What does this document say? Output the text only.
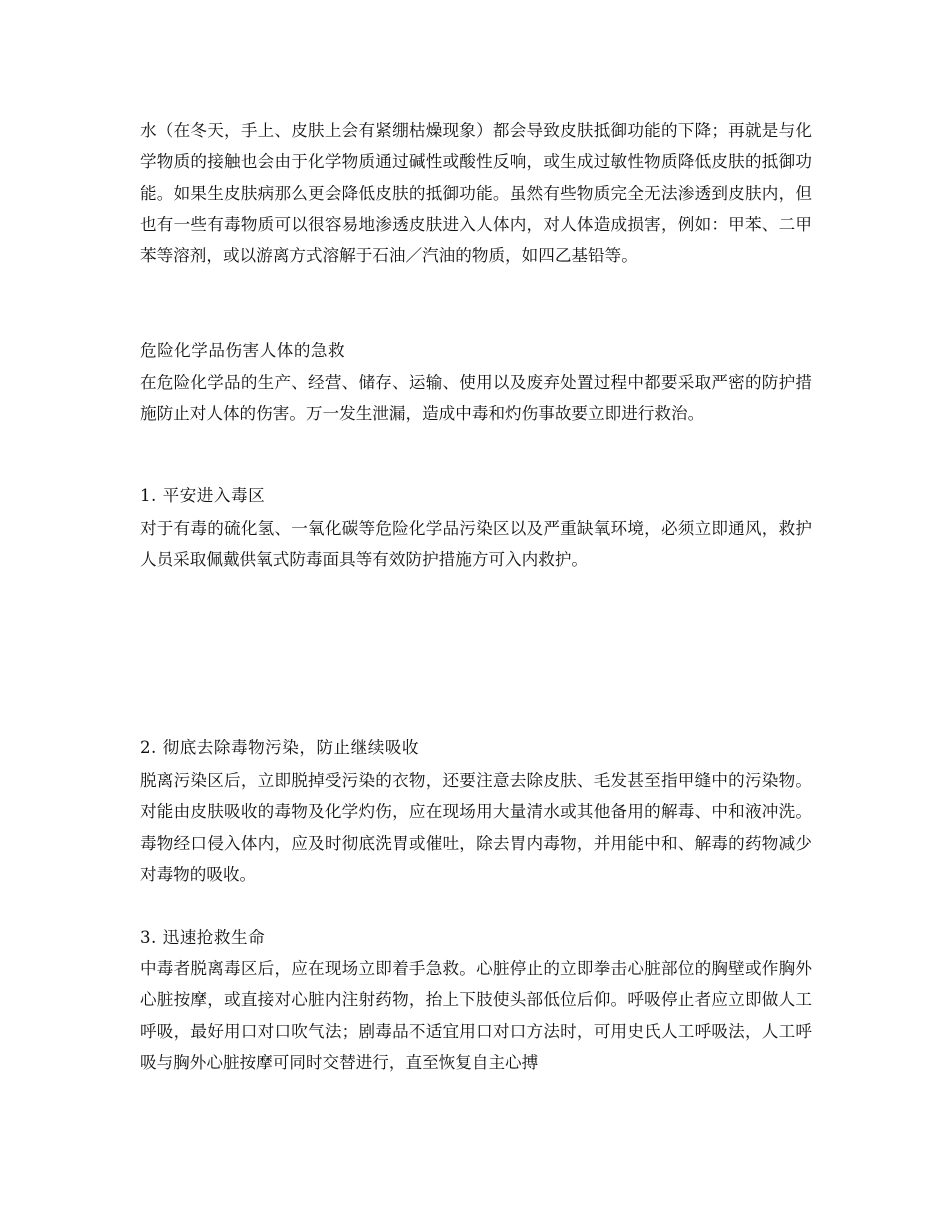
水（在冬天，手上、皮肤上会有紧绷枯燥现象）都会导致皮肤抵御功能的下降；再就是与化学物质的接触也会由于化学物质通过碱性或酸性反响，或生成过敏性物质降低皮肤的抵御功能。如果生皮肤病那么更会降低皮肤的抵御功能。虽然有些物质完全无法渗透到皮肤内，但也有一些有毒物质可以很容易地渗透皮肤进入人体内，对人体造成损害，例如：甲苯、二甲苯等溶剂，或以游离方式溶解于石油／汽油的物质，如四乙基铅等。

危险化学品伤害人体的急救

在危险化学品的生产、经营、储存、运输、使用以及废弃处置过程中都要采取严密的防护措施防止对人体的伤害。万一发生泄漏，造成中毒和灼伤事故要立即进行救治。

1. 平安进入毒区

对于有毒的硫化氢、一氧化碳等危险化学品污染区以及严重缺氧环境，必须立即通风，救护人员采取佩戴供氧式防毒面具等有效防护措施方可入内救护。

2. 彻底去除毒物污染，防止继续吸收

脱离污染区后，立即脱掉受污染的衣物，还要注意去除皮肤、毛发甚至指甲缝中的污染物。对能由皮肤吸收的毒物及化学灼伤，应在现场用大量清水或其他备用的解毒、中和液冲洗。毒物经口侵入体内，应及时彻底洗胃或催吐，除去胃内毒物，并用能中和、解毒的药物减少对毒物的吸收。

3. 迅速抢救生命

中毒者脱离毒区后，应在现场立即着手急救。心脏停止的立即拳击心脏部位的胸壁或作胸外心脏按摩，或直接对心脏内注射药物，抬上下肢使头部低位后仰。呼吸停止者应立即做人工呼吸，最好用口对口吹气法；剧毒品不适宜用口对口方法时，可用史氏人工呼吸法，人工呼吸与胸外心脏按摩可同时交替进行，直至恢复自主心搏
